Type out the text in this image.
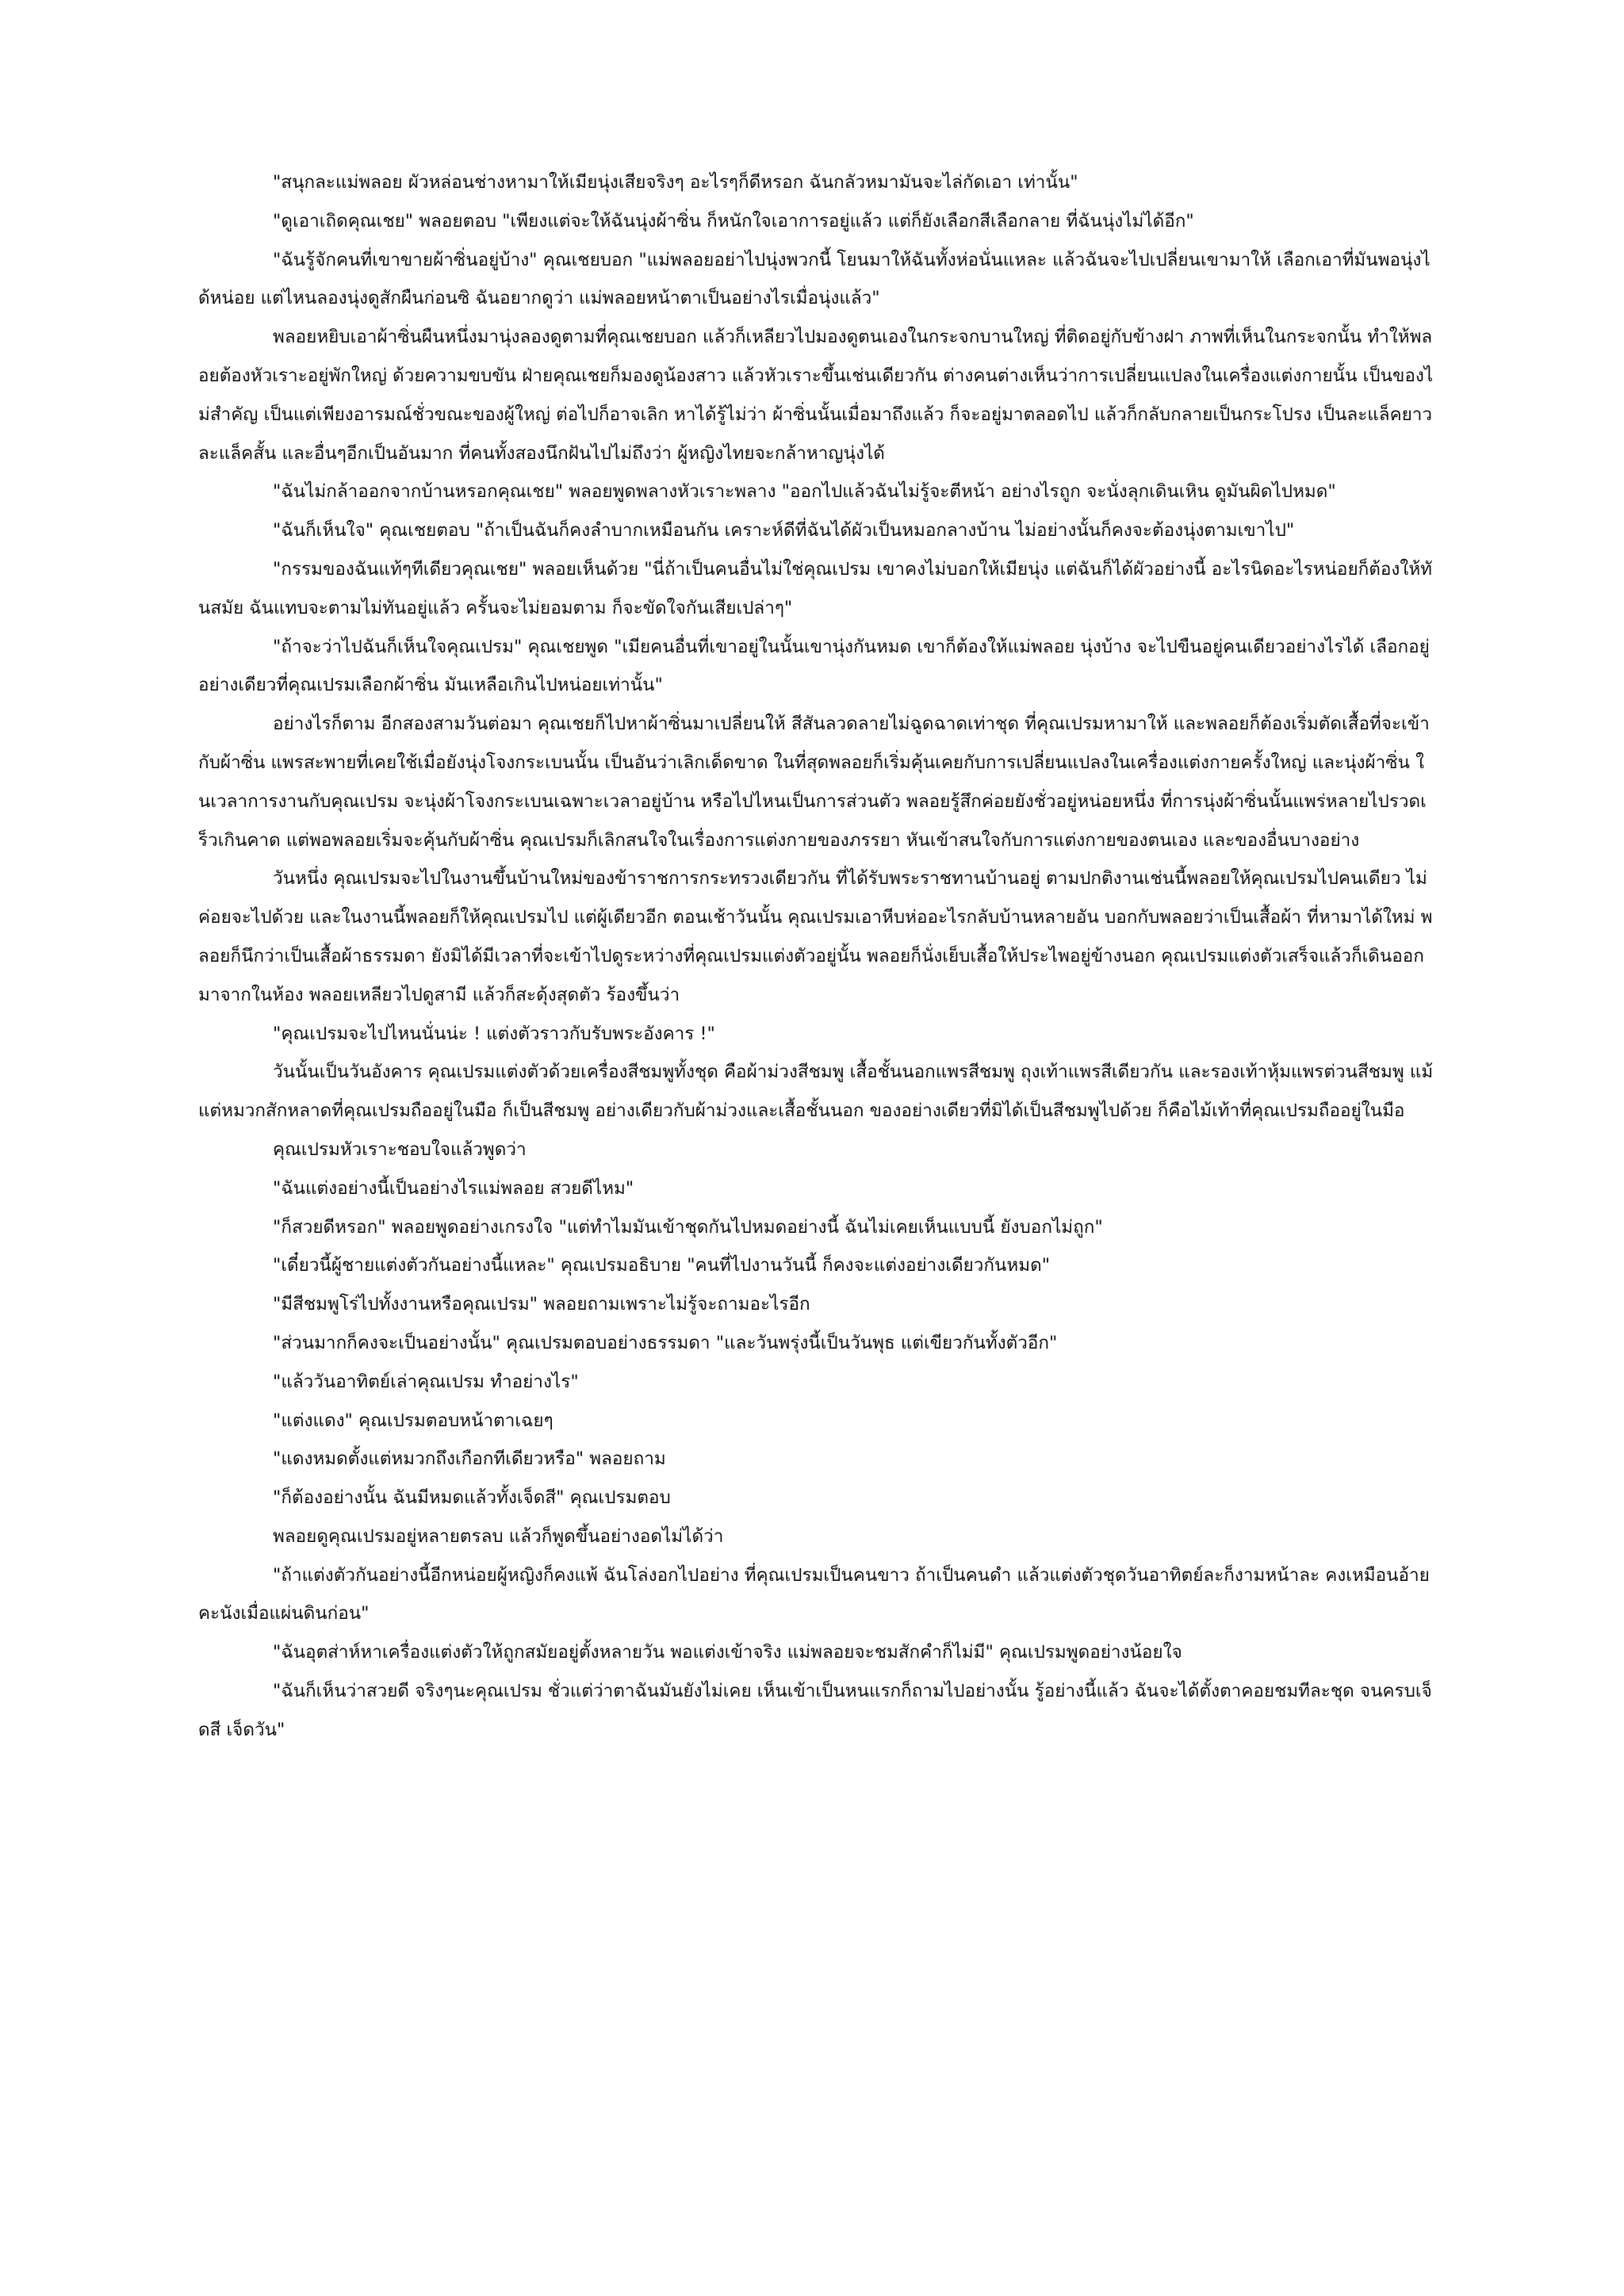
"สนุกละแม่พลอย ผัวหล่อนช่างหามาให้เมียนุ่งเสียจริงๆ อะไรๆก็ดีหรอก ฉันกลัวหมามันจะไล่กัดเอา เท่านั้น"

"ดูเอาเถิดคุณเชย" พลอยตอบ "เพียงแต่จะให้ฉันนุ่งผ้าซิ่น ก็หนักใจเอาการอยู่แล้ว แต่ก็ยังเลือกสีเลือกลาย ที่ฉันนุ่งไม่ได้อีก"

"ฉันรู้จักคนที่เขาขายผ้าซิ่นอยู่บ้าง" คุณเชยบอก "แม่พลอยอย่าไปนุ่งพวกนี้ โยนมาให้ฉันทั้งห่อนั่นแหละ แล้วฉันจะไปเปลี่ยนเขามาให้ เลือกเอาที่มันพอนุ่งได้หน่อย แต่ไหนลองนุ่งดูสักผืนก่อนซิ ฉันอยากดูว่า แม่พลอยหน้าตาเป็นอย่างไรเมื่อนุ่งแล้ว"

พลอยหยิบเอาผ้าซิ่นผืนหนึ่งมานุ่งลองดูตามที่คุณเชยบอก แล้วก็เหลียวไปมองดูตนเองในกระจกบานใหญ่ ที่ติดอยู่กับข้างฝา ภาพที่เห็นในกระจกนั้น ทำให้พลอยต้องหัวเราะอยู่พักใหญ่ ด้วยความขบขัน ฝ่ายคุณเชยก็มองดูน้องสาว แล้วหัวเราะขึ้นเช่นเดียวกัน ต่างคนต่างเห็นว่าการเปลี่ยนแปลงในเครื่องแต่งกายนั้น เป็นของไม่สำคัญ เป็นแต่เพียงอารมณ์ชั่วขณะของผู้ใหญ่ ต่อไปก็อาจเลิก หาได้รู้ไม่ว่า ผ้าซิ่นนั้นเมื่อมาถึงแล้ว ก็จะอยู่มาตลอดไป แล้วก็กลับกลายเป็นกระโปรง เป็นละแล็คยาวละแล็คสั้น และอื่นๆอีกเป็นอันมาก ที่คนทั้งสองนึกฝันไปไม่ถึงว่า ผู้หญิงไทยจะกล้าหาญนุ่งได้

"ฉันไม่กล้าออกจากบ้านหรอกคุณเชย" พลอยพูดพลางหัวเราะพลาง "ออกไปแล้วฉันไม่รู้จะตีหน้า อย่างไรถูก จะนั่งลุกเดินเหิน ดูมันผิดไปหมด"

"ฉันก็เห็นใจ" คุณเชยตอบ "ถ้าเป็นฉันก็คงลำบากเหมือนกัน เคราะห์ดีที่ฉันได้ผัวเป็นหมอกลางบ้าน ไม่อย่างนั้นก็คงจะต้องนุ่งตามเขาไป"

"กรรมของฉันแท้ๆทีเดียวคุณเชย" พลอยเห็นด้วย "นี่ถ้าเป็นคนอื่นไม่ใช่คุณเปรม เขาคงไม่บอกให้เมียนุ่ง แต่ฉันก็ได้ผัวอย่างนี้ อะไรนิดอะไรหน่อยก็ต้องให้ทันสมัย ฉันแทบจะตามไม่ทันอยู่แล้ว ครั้นจะไม่ยอมตาม ก็จะขัดใจกันเสียเปล่าๆ"

"ถ้าจะว่าไปฉันก็เห็นใจคุณเปรม" คุณเชยพูด "เมียคนอื่นที่เขาอยู่ในนั้นเขานุ่งกันหมด เขาก็ต้องให้แม่พลอย นุ่งบ้าง จะไปขืนอยู่คนเดียวอย่างไรได้ เลือกอยู่อย่างเดียวที่คุณเปรมเลือกผ้าซิ่น มันเหลือเกินไปหน่อยเท่านั้น"

อย่างไรก็ตาม อีกสองสามวันต่อมา คุณเชยก็ไปหาผ้าซิ่นมาเปลี่ยนให้ สีสันลวดลายไม่ฉูดฉาดเท่าชุด ที่คุณเปรมหามาให้ และพลอยก็ต้องเริ่มตัดเสื้อที่จะเข้ากับผ้าซิ่น แพรสะพายที่เคยใช้เมื่อยังนุ่งโจงกระเบนนั้น เป็นอันว่าเลิกเด็ดขาด ในที่สุดพลอยก็เริ่มคุ้นเคยกับการเปลี่ยนแปลงในเครื่องแต่งกายครั้งใหญ่ และนุ่งผ้าซิ่น ในเวลาการงานกับคุณเปรม จะนุ่งผ้าโจงกระเบนเฉพาะเวลาอยู่บ้าน หรือไปไหนเป็นการส่วนตัว พลอยรู้สึกค่อยยังชั่วอยู่หน่อยหนึ่ง ที่การนุ่งผ้าซิ่นนั้นแพร่หลายไปรวดเร็วเกินคาด แต่พอพลอยเริ่มจะคุ้นกับผ้าซิ่น คุณเปรมก็เลิกสนใจในเรื่องการแต่งกายของภรรยา หันเข้าสนใจกับการแต่งกายของตนเอง และของอื่นบางอย่าง

วันหนึ่ง คุณเปรมจะไปในงานขึ้นบ้านใหม่ของข้าราชการกระทรวงเดียวกัน ที่ได้รับพระราชทานบ้านอยู่ ตามปกติงานเช่นนี้พลอยให้คุณเปรมไปคนเดียว ไม่ค่อยจะไปด้วย และในงานนี้พลอยก็ให้คุณเปรมไป แต่ผู้เดียวอีก ตอนเช้าวันนั้น คุณเปรมเอาหีบห่ออะไรกลับบ้านหลายอัน บอกกับพลอยว่าเป็นเสื้อผ้า ที่หามาได้ใหม่ พลอยก็นึกว่าเป็นเสื้อผ้าธรรมดา ยังมิได้มีเวลาที่จะเข้าไปดูระหว่างที่คุณเปรมแต่งตัวอยู่นั้น พลอยก็นั่งเย็บเสื้อให้ประไพอยู่ข้างนอก คุณเปรมแต่งตัวเสร็จแล้วก็เดินออกมาจากในห้อง พลอยเหลียวไปดูสามี แล้วก็สะดุ้งสุดตัว ร้องขึ้นว่า

"คุณเปรมจะไปไหนนั่นน่ะ ! แต่งตัวราวกับรับพระอังคาร !"

วันนั้นเป็นวันอังคาร คุณเปรมแต่งตัวด้วยเครื่องสีชมพูทั้งชุด คือผ้าม่วงสีชมพู เสื้อชั้นนอกแพรสีชมพู ถุงเท้าแพรสีเดียวกัน และรองเท้าหุ้มแพรต่วนสีชมพู แม้แต่หมวกสักหลาดที่คุณเปรมถืออยู่ในมือ ก็เป็นสีชมพู อย่างเดียวกับผ้าม่วงและเสื้อชั้นนอก ของอย่างเดียวที่มิได้เป็นสีชมพูไปด้วย ก็คือไม้เท้าที่คุณเปรมถืออยู่ในมือ

คุณเปรมหัวเราะชอบใจแล้วพูดว่า

"ฉันแต่งอย่างนี้เป็นอย่างไรแม่พลอย สวยดีไหม"

"ก็สวยดีหรอก" พลอยพูดอย่างเกรงใจ "แต่ทำไมมันเข้าชุดกันไปหมดอย่างนี้ ฉันไม่เคยเห็นแบบนี้ ยังบอกไม่ถูก"

"เดี๋ยวนี้ผู้ชายแต่งตัวกันอย่างนี้แหละ" คุณเปรมอธิบาย "คนที่ไปงานวันนี้ ก็คงจะแต่งอย่างเดียวกันหมด"

"มีสีชมพูโร่ไปทั้งงานหรือคุณเปรม" พลอยถามเพราะไม่รู้จะถามอะไรอีก

"ส่วนมากก็คงจะเป็นอย่างนั้น" คุณเปรมตอบอย่างธรรมดา "และวันพรุ่งนี้เป็นวันพุธ แต่เขียวกันทั้งตัวอีก"

"แล้ววันอาทิตย์เล่าคุณเปรม ทำอย่างไร"

"แต่งแดง" คุณเปรมตอบหน้าตาเฉยๆ

"แดงหมดตั้งแต่หมวกถึงเกือกทีเดียวหรือ" พลอยถาม

"ก็ต้องอย่างนั้น ฉันมีหมดแล้วทั้งเจ็ดสี" คุณเปรมตอบ

พลอยดูคุณเปรมอยู่หลายตรลบ แล้วก็พูดขึ้นอย่างอดไม่ได้ว่า

"ถ้าแต่งตัวกันอย่างนี้อีกหน่อยผู้หญิงก็คงแพ้ ฉันโล่งอกไปอย่าง ที่คุณเปรมเป็นคนขาว ถ้าเป็นคนดำ แล้วแต่งตัวชุดวันอาทิตย์ละก็งามหน้าละ คงเหมือนอ้ายคะนังเมื่อแผ่นดินก่อน"

"ฉันอุตส่าห์หาเครื่องแต่งตัวให้ถูกสมัยอยู่ตั้งหลายวัน พอแต่งเข้าจริง แม่พลอยจะชมสักคำก็ไม่มี" คุณเปรมพูดอย่างน้อยใจ

"ฉันก็เห็นว่าสวยดี จริงๆนะคุณเปรม ชั่วแต่ว่าตาฉันมันยังไม่เคย เห็นเข้าเป็นหนแรกก็ถามไปอย่างนั้น รู้อย่างนี้แล้ว ฉันจะได้ตั้งตาคอยชมทีละชุด จนครบเจ็ดสี เจ็ดวัน"
